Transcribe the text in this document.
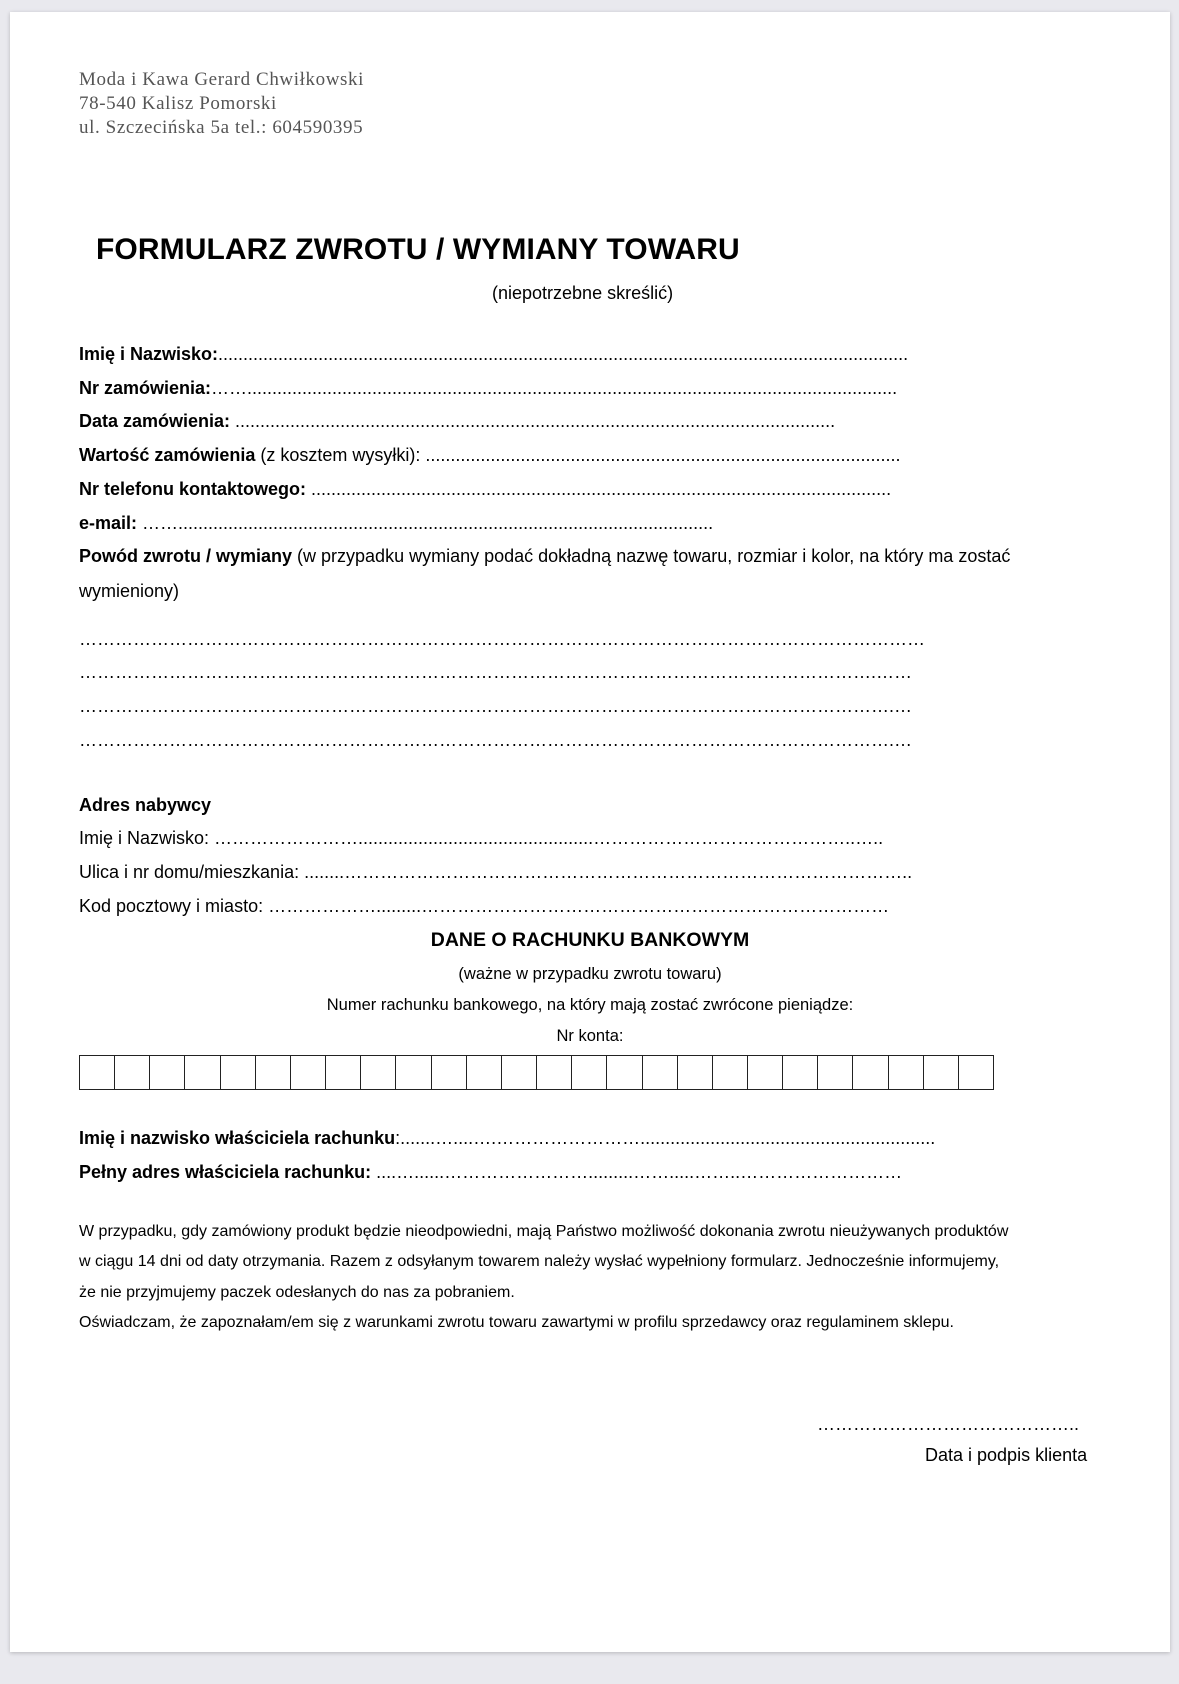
Moda i Kawa Gerard Chwiłkowski
78-540 Kalisz Pomorski
ul. Szczecińska 5a tel.: 604590395
FORMULARZ ZWROTU / WYMIANY TOWARU
(niepotrzebne skreślić)
Imię i Nazwisko:..........................................................................................................................................
Nr zamówienia:……..................................................................................................................................
Data zamówienia: ........................................................................................................................
Wartość zamówienia (z kosztem wysyłki): ...............................................................................................
Nr telefonu kontaktowego: ....................................................................................................................
e-mail: ……...........................................................................................................
Powód zwrotu / wymiany (w przypadku wymiany podać dokładną nazwę towaru, rozmiar i kolor, na który ma zostać
wymieniony)
……………………………………………………………………………………………………………………………
…………………………………………………………………………………………………………………….……
……………………………………………………………………………………………………………………….…
……………………………………………………………………………………………………………………….…
Adres nabywcy
Imię i Nazwisko: ……………………...............................................……………………………………..…..
Ulica i nr domu/mieszkania: ........…………………………………………………………………………………..
Kod pocztowy i miasto: ……………….........……………………………………………………………………
DANE O RACHUNKU BANKOWYM
(ważne w przypadku zwrotu towaru)
Numer rachunku bankowego, na który mają zostać zwrócone pieniądze:
Nr konta:
Imię i nazwisko właściciela rachunku:.......…....….……………………...........................................................
Pełny adres właściciela rachunku: ....…......…………………….........…….....……..………………………
W przypadku, gdy zamówiony produkt będzie nieodpowiedni, mają Państwo możliwość dokonania zwrotu nieużywanych produktów
w ciągu 14 dni od daty otrzymania. Razem z odsyłanym towarem należy wysłać wypełniony formularz. Jednocześnie informujemy,
że nie przyjmujemy paczek odesłanych do nas za pobraniem.
Oświadczam, że zapoznałam/em się z warunkami zwrotu towaru zawartymi w profilu sprzedawcy oraz regulaminem sklepu.
……………………………………..
Data i podpis klienta
